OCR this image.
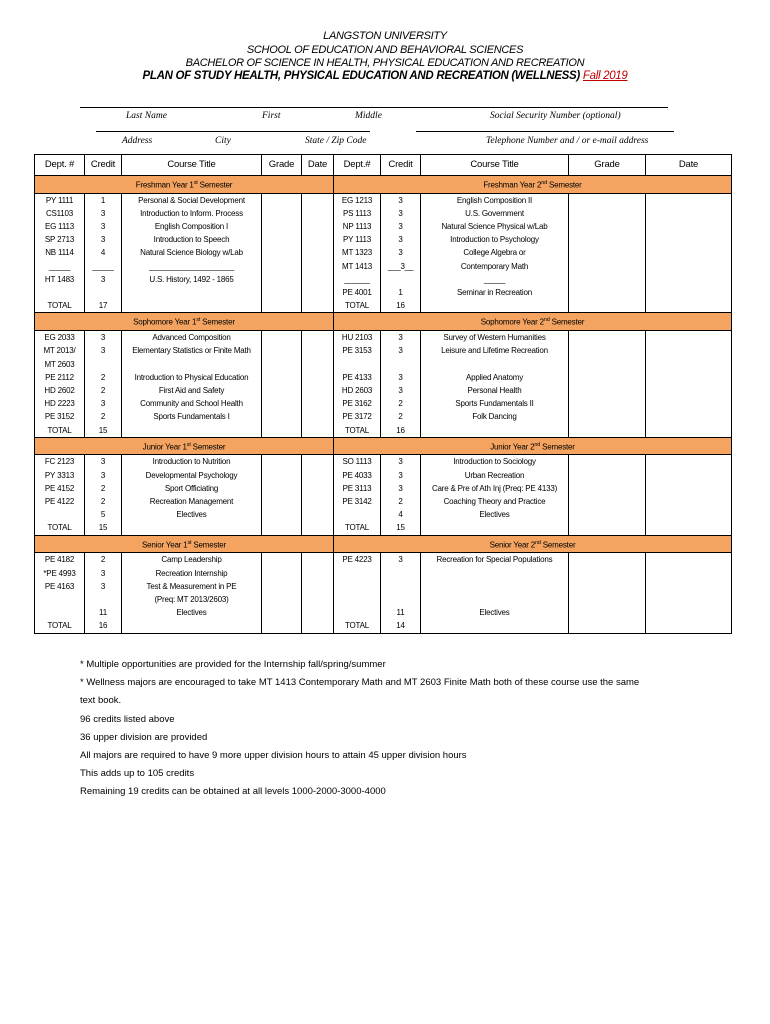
LANGSTON UNIVERSITY
SCHOOL OF EDUCATION AND BEHAVIORAL SCIENCES
BACHELOR OF SCIENCE IN HEALTH, PHYSICAL EDUCATION AND RECREATION
PLAN OF STUDY HEALTH, PHYSICAL EDUCATION AND RECREATION (WELLNESS) Fall 2019
Last Name	First	Middle	Social Security Number (optional)
Address	City	State / Zip Code	Telephone Number and / or e-mail address
Dept. #	Credit	Course Title	Grade	Date	Dept.#	Credit	Course Title	Grade	Date
Freshman Year 1st Semester					Freshman Year 2nd Semester				
PY 1111	1	Personal & Social Development			EG 1213	3	English Composition II		
CS1103	3	Introduction to Inform. Process			PS 1113	3	U.S. Government		
EG 1113	3	English Composition I			NP 1113	3	Natural Science Physical w/Lab		
SP 2713	3	Introduction to Speech			PY 1113	3	Introduction to Psychology		
NB 1114	4	Natural Science Biology w/Lab			MT 1323	3	College Algebra or		
_____	_____	____________________			MT 1413	___3__	Contemporary Math		
HT 1483	3	U.S. History, 1492 - 1865			______		_____		
					PE 4001	1	Seminar in Recreation		
TOTAL	17				TOTAL	16			
Sophomore Year 1st Semester					Sophomore Year 2nd Semester				
EG 2033	3	Advanced Composition			HU 2103	3	Survey of Western Humanities		
MT 2013/	3	Elementary Statistics or Finite Math			PE 3153	3	Leisure and Lifetime Recreation		
MT 2603									
PE 2112	2	Introduction to Physical Education			PE 4133	3	Applied Anatomy		
HD 2602	2	First Aid and Safety			HD 2603	3	Personal Health		
HD 2223	3	Community and School Health			PE 3162	2	Sports Fundamentals II		
PE 3152	2	Sports Fundamentals I			PE 3172	2	Folk Dancing		
TOTAL	15				TOTAL	16			
Junior Year 1st Semester					Junior Year 2nd Semester				
FC 2123	3	Introduction to Nutrition			SO 1113	3	Introduction to Sociology		
PY 3313	3	Developmental Psychology			PE 4033	3	Urban Recreation		
PE 4152	2	Sport Officiating			PE 3113	3	Care & Pre of Ath Inj (Preq: PE 4133)		
PE 4122	2	Recreation Management			PE 3142	2	Coaching Theory and Practice		

	5	Electives				4	Electives		
TOTAL	15				TOTAL	15			
Senior Year 1st Semester					Senior Year 2nd Semester				
PE 4182	2	Camp Leadership			PE 4223	3	Recreation for Special Populations		
*PE 4993	3	Recreation Internship							
PE 4163	3	Test & Measurement in PE							
		(Preq: MT 2013/2603)							
	11	Electives				11	Electives		

TOTAL	16				TOTAL	14			
* Multiple opportunities are provided for the Internship fall/spring/summer
* Wellness majors are encouraged to take MT 1413 Contemporary Math and MT 2603 Finite Math both of these course use the same
text book.
96 credits listed above
36 upper division are provided
All majors are required to have 9 more upper division hours to attain 45 upper division hours
This adds up to 105 credits
Remaining 19 credits can be obtained at all levels 1000-2000-3000-4000
